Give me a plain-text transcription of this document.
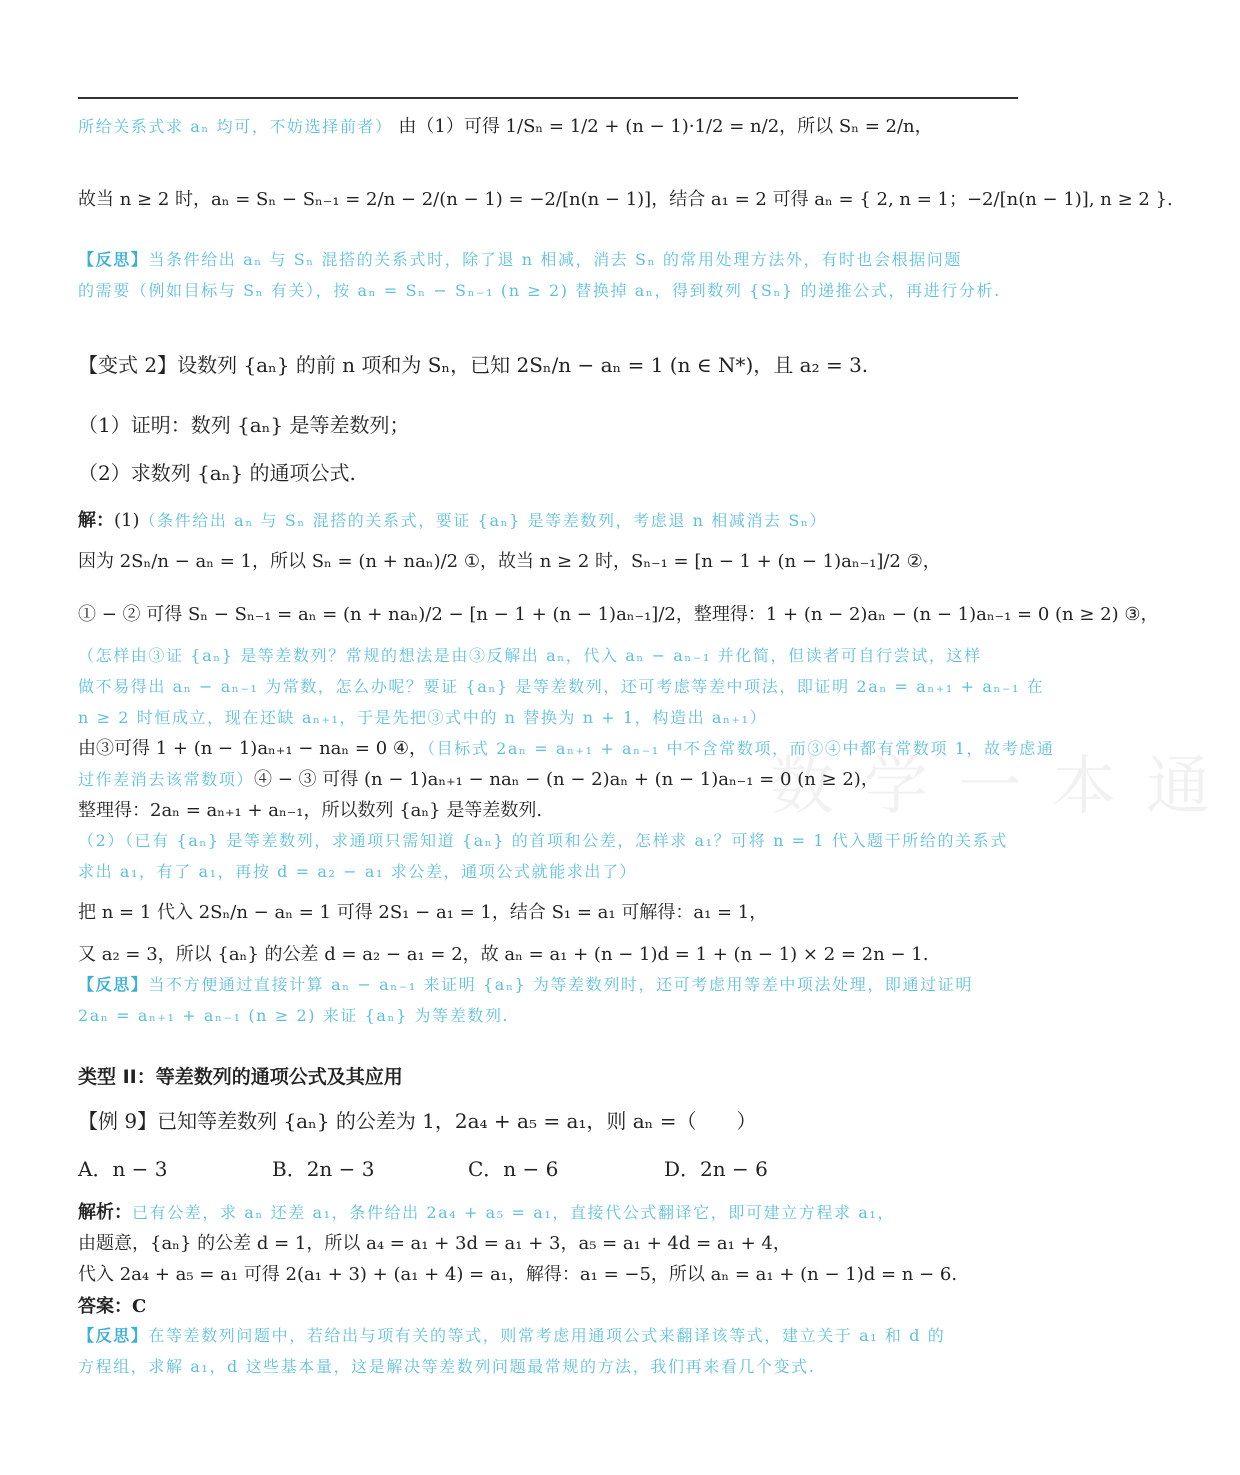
数学一本通
所给关系式求 aₙ 均可，不妨选择前者） 由（1）可得 1/Sₙ = 1/2 + (n − 1)·1/2 = n/2，所以 Sₙ = 2/n，
故当 n ≥ 2 时，aₙ = Sₙ − Sₙ₋₁ = 2/n − 2/(n − 1) = −2/[n(n − 1)]，结合 a₁ = 2 可得 aₙ = { 2, n = 1；−2/[n(n − 1)], n ≥ 2 }.
【反思】当条件给出 aₙ 与 Sₙ 混搭的关系式时，除了退 n 相减，消去 Sₙ 的常用处理方法外，有时也会根据问题
的需要（例如目标与 Sₙ 有关），按 aₙ = Sₙ − Sₙ₋₁ (n ≥ 2) 替换掉 aₙ，得到数列 {Sₙ} 的递推公式，再进行分析.
【变式 2】设数列 {aₙ} 的前 n 项和为 Sₙ，已知 2Sₙ/n − aₙ = 1 (n ∈ N*)，且 a₂ = 3.
（1）证明：数列 {aₙ} 是等差数列；
（2）求数列 {aₙ} 的通项公式.
解：(1)（条件给出 aₙ 与 Sₙ 混搭的关系式，要证 {aₙ} 是等差数列，考虑退 n 相减消去 Sₙ）
因为 2Sₙ/n − aₙ = 1，所以 Sₙ = (n + naₙ)/2 ①，故当 n ≥ 2 时，Sₙ₋₁ = [n − 1 + (n − 1)aₙ₋₁]/2 ②，
① − ② 可得 Sₙ − Sₙ₋₁ = aₙ = (n + naₙ)/2 − [n − 1 + (n − 1)aₙ₋₁]/2，整理得：1 + (n − 2)aₙ − (n − 1)aₙ₋₁ = 0 (n ≥ 2) ③，
（怎样由③证 {aₙ} 是等差数列？常规的想法是由③反解出 aₙ，代入 aₙ − aₙ₋₁ 并化简，但读者可自行尝试，这样
做不易得出 aₙ − aₙ₋₁ 为常数，怎么办呢？要证 {aₙ} 是等差数列，还可考虑等差中项法，即证明 2aₙ = aₙ₊₁ + aₙ₋₁ 在
n ≥ 2 时恒成立，现在还缺 aₙ₊₁，于是先把③式中的 n 替换为 n + 1，构造出 aₙ₊₁）
由③可得 1 + (n − 1)aₙ₊₁ − naₙ = 0 ④，（目标式 2aₙ = aₙ₊₁ + aₙ₋₁ 中不含常数项，而③④中都有常数项 1，故考虑通
过作差消去该常数项）④ − ③ 可得 (n − 1)aₙ₊₁ − naₙ − (n − 2)aₙ + (n − 1)aₙ₋₁ = 0 (n ≥ 2)，
整理得：2aₙ = aₙ₊₁ + aₙ₋₁，所以数列 {aₙ} 是等差数列.
（2）（已有 {aₙ} 是等差数列，求通项只需知道 {aₙ} 的首项和公差，怎样求 a₁？可将 n = 1 代入题干所给的关系式
求出 a₁，有了 a₁，再按 d = a₂ − a₁ 求公差，通项公式就能求出了）
把 n = 1 代入 2Sₙ/n − aₙ = 1 可得 2S₁ − a₁ = 1，结合 S₁ = a₁ 可解得：a₁ = 1，
又 a₂ = 3，所以 {aₙ} 的公差 d = a₂ − a₁ = 2，故 aₙ = a₁ + (n − 1)d = 1 + (n − 1) × 2 = 2n − 1.
【反思】当不方便通过直接计算 aₙ − aₙ₋₁ 来证明 {aₙ} 为等差数列时，还可考虑用等差中项法处理，即通过证明
2aₙ = aₙ₊₁ + aₙ₋₁ (n ≥ 2) 来证 {aₙ} 为等差数列.
类型 II：等差数列的通项公式及其应用
【例 9】已知等差数列 {aₙ} 的公差为 1，2a₄ + a₅ = a₁，则 aₙ =（　　）
A．n − 3	B．2n − 3	C．n − 6	D．2n − 6
解析：已有公差，求 aₙ 还差 a₁，条件给出 2a₄ + a₅ = a₁，直接代公式翻译它，即可建立方程求 a₁，
由题意，{aₙ} 的公差 d = 1，所以 a₄ = a₁ + 3d = a₁ + 3，a₅ = a₁ + 4d = a₁ + 4，
代入 2a₄ + a₅ = a₁ 可得 2(a₁ + 3) + (a₁ + 4) = a₁，解得：a₁ = −5，所以 aₙ = a₁ + (n − 1)d = n − 6.
答案：C
【反思】在等差数列问题中，若给出与项有关的等式，则常考虑用通项公式来翻译该等式，建立关于 a₁ 和 d 的
方程组，求解 a₁，d 这些基本量，这是解决等差数列问题最常规的方法，我们再来看几个变式.
